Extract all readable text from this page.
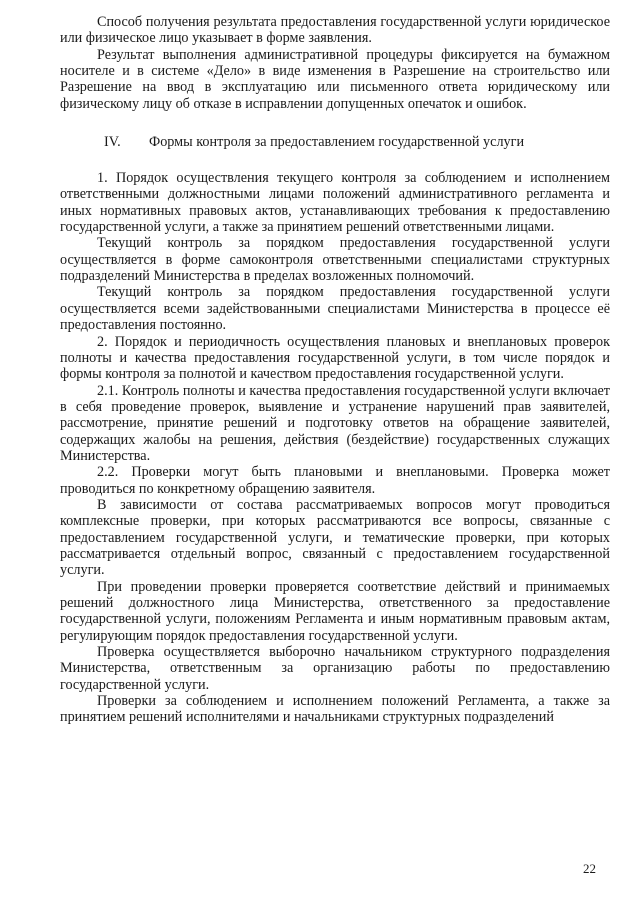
Способ получения результата предоставления государственной услуги юридическое или физическое лицо указывает в форме заявления.

Результат выполнения административной процедуры фиксируется на бумажном носителе и в системе «Дело» в виде изменения в Разрешение на строительство или Разрешение на ввод в эксплуатацию или письменного ответа юридическому или физическому лицу об отказе в исправлении допущенных опечаток и ошибок.

IV. Формы контроля за предоставлением государственной услуги

1. Порядок осуществления текущего контроля за соблюдением и исполнением ответственными должностными лицами положений административного регламента и иных нормативных правовых актов, устанавливающих требования к предоставлению государственной услуги, а также за принятием решений ответственными лицами.

Текущий контроль за порядком предоставления государственной услуги осуществляется в форме самоконтроля ответственными специалистами структурных подразделений Министерства в пределах возложенных полномочий.

Текущий контроль за порядком предоставления государственной услуги осуществляется всеми задействованными специалистами Министерства в процессе её предоставления постоянно.

2. Порядок и периодичность осуществления плановых и внеплановых проверок полноты и качества предоставления государственной услуги, в том числе порядок и формы контроля за полнотой и качеством предоставления государственной услуги.

2.1. Контроль полноты и качества предоставления государственной услуги включает в себя проведение проверок, выявление и устранение нарушений прав заявителей, рассмотрение, принятие решений и подготовку ответов на обращение заявителей, содержащих жалобы на решения, действия (бездействие) государственных служащих Министерства.

2.2. Проверки могут быть плановыми и внеплановыми. Проверка может проводиться по конкретному обращению заявителя.

В зависимости от состава рассматриваемых вопросов могут проводиться комплексные проверки, при которых рассматриваются все вопросы, связанные с предоставлением государственной услуги, и тематические проверки, при которых рассматривается отдельный вопрос, связанный с предоставлением государственной услуги.

При проведении проверки проверяется соответствие действий и принимаемых решений должностного лица Министерства, ответственного за предоставление государственной услуги, положениям Регламента и иным нормативным правовым актам, регулирующим порядок предоставления государственной услуги.

Проверка осуществляется выборочно начальником структурного подразделения Министерства, ответственным за организацию работы по предоставлению государственной услуги.

Проверки за соблюдением и исполнением положений Регламента, а также за принятием решений исполнителями и начальниками структурных подразделений

22
